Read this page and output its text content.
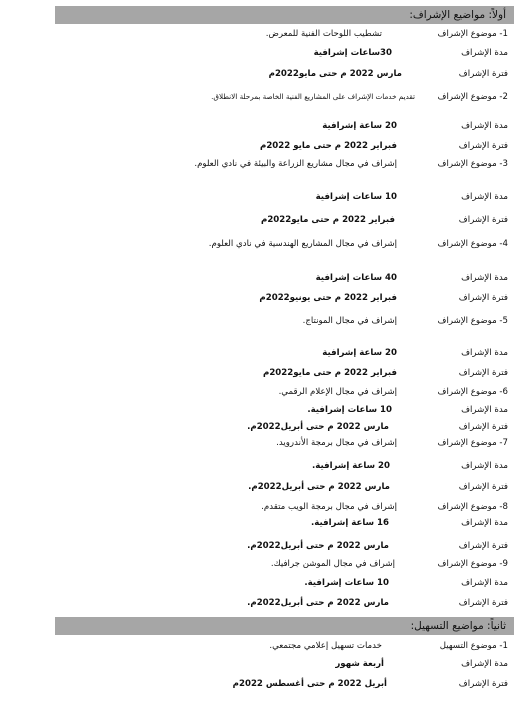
أولاً: مواضيع الإشراف:
1- موضوع الإشراف
تشطيب اللوحات الفنية للمعرض.
مدة الإشراف
30ساعات إشرافية
فترة الإشراف
مارس 2022 م حتى مايو2022م
2- موضوع الإشراف
تقديم خدمات الإشراف على المشاريع الفنية الخاصة بمرحلة الانطلاق.
مدة الإشراف
20 ساعة إشرافية
فترة الإشراف
فبراير 2022 م حتى مايو 2022م
3- موضوع الإشراف
إشراف في مجال مشاريع الزراعة والبيئة في نادي العلوم.
مدة الإشراف
10 ساعات إشرافية
فترة الإشراف
فبراير 2022 م حتى مايو2022م
4- موضوع الإشراف
إشراف في مجال المشاريع الهندسية في نادي العلوم.
مدة الإشراف
40 ساعات إشرافية
فترة الإشراف
فبراير 2022 م حتى يونيو2022م
5- موضوع الإشراف
إشراف في مجال المونتاج.
مدة الإشراف
20 ساعة إشرافية
فترة الإشراف
فبراير 2022 م حتى مايو2022م
6- موضوع الإشراف
إشراف في مجال الإعلام الرقمي.
مدة الإشراف
10 ساعات إشرافية.
فترة الإشراف
مارس 2022 م حتى أبريل2022م.
7- موضوع الإشراف
إشراف في مجال برمجة الأندرويد.
مدة الإشراف
20 ساعة إشرافية.
فترة الإشراف
مارس 2022 م حتى أبريل2022م.
8- موضوع الإشراف
إشراف في مجال برمجة الويب متقدم.
مدة الإشراف
16 ساعة إشرافية.
فترة الإشراف
مارس 2022 م حتى أبريل2022م.
9- موضوع الإشراف
إشراف في مجال الموشن جرافيك.
مدة الإشراف
10 ساعات إشرافية.
فترة الإشراف
مارس 2022 م حتى أبريل2022م.
ثانياً: مواضيع التسهيل:
1- موضوع التسهيل
خدمات تسهيل إعلامي مجتمعي.
مدة الإشراف
أربعة شهور
فترة الإشراف
أبريل 2022 م حتى أغسطس 2022م
